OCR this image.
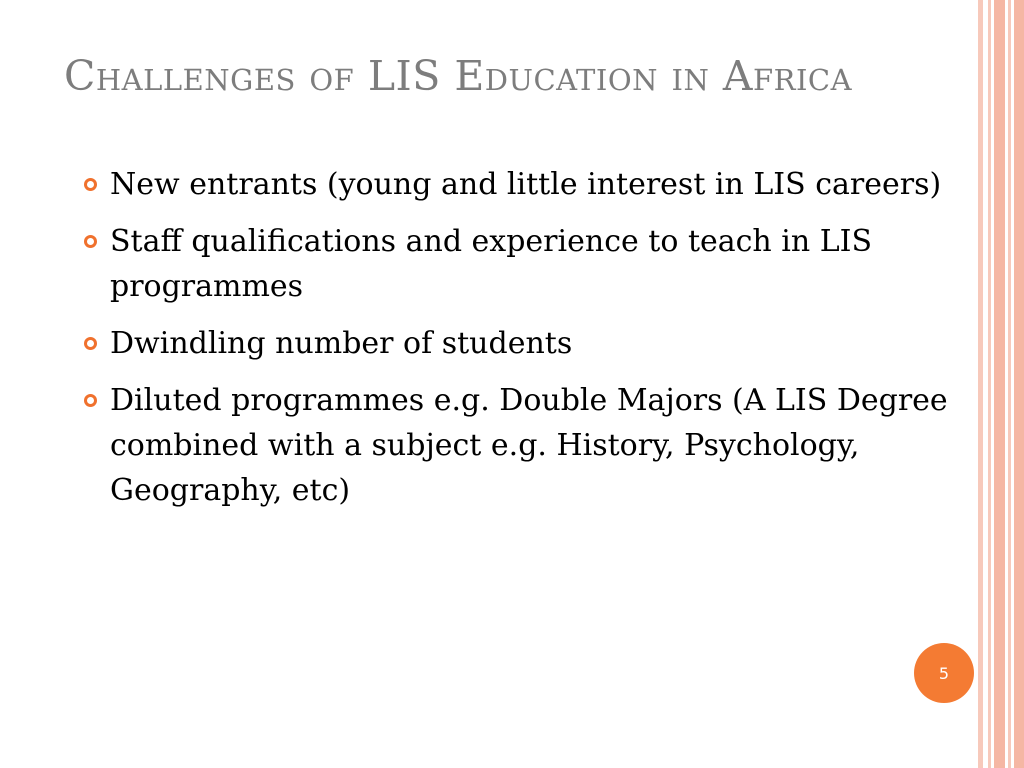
Challenges of LIS Education in Africa
New entrants (young and little interest in LIS careers)
Staff qualifications and experience to teach in LIS programmes
Dwindling number of students
Diluted programmes e.g. Double Majors (A LIS Degree combined with a subject e.g. History, Psychology, Geography, etc)
5
